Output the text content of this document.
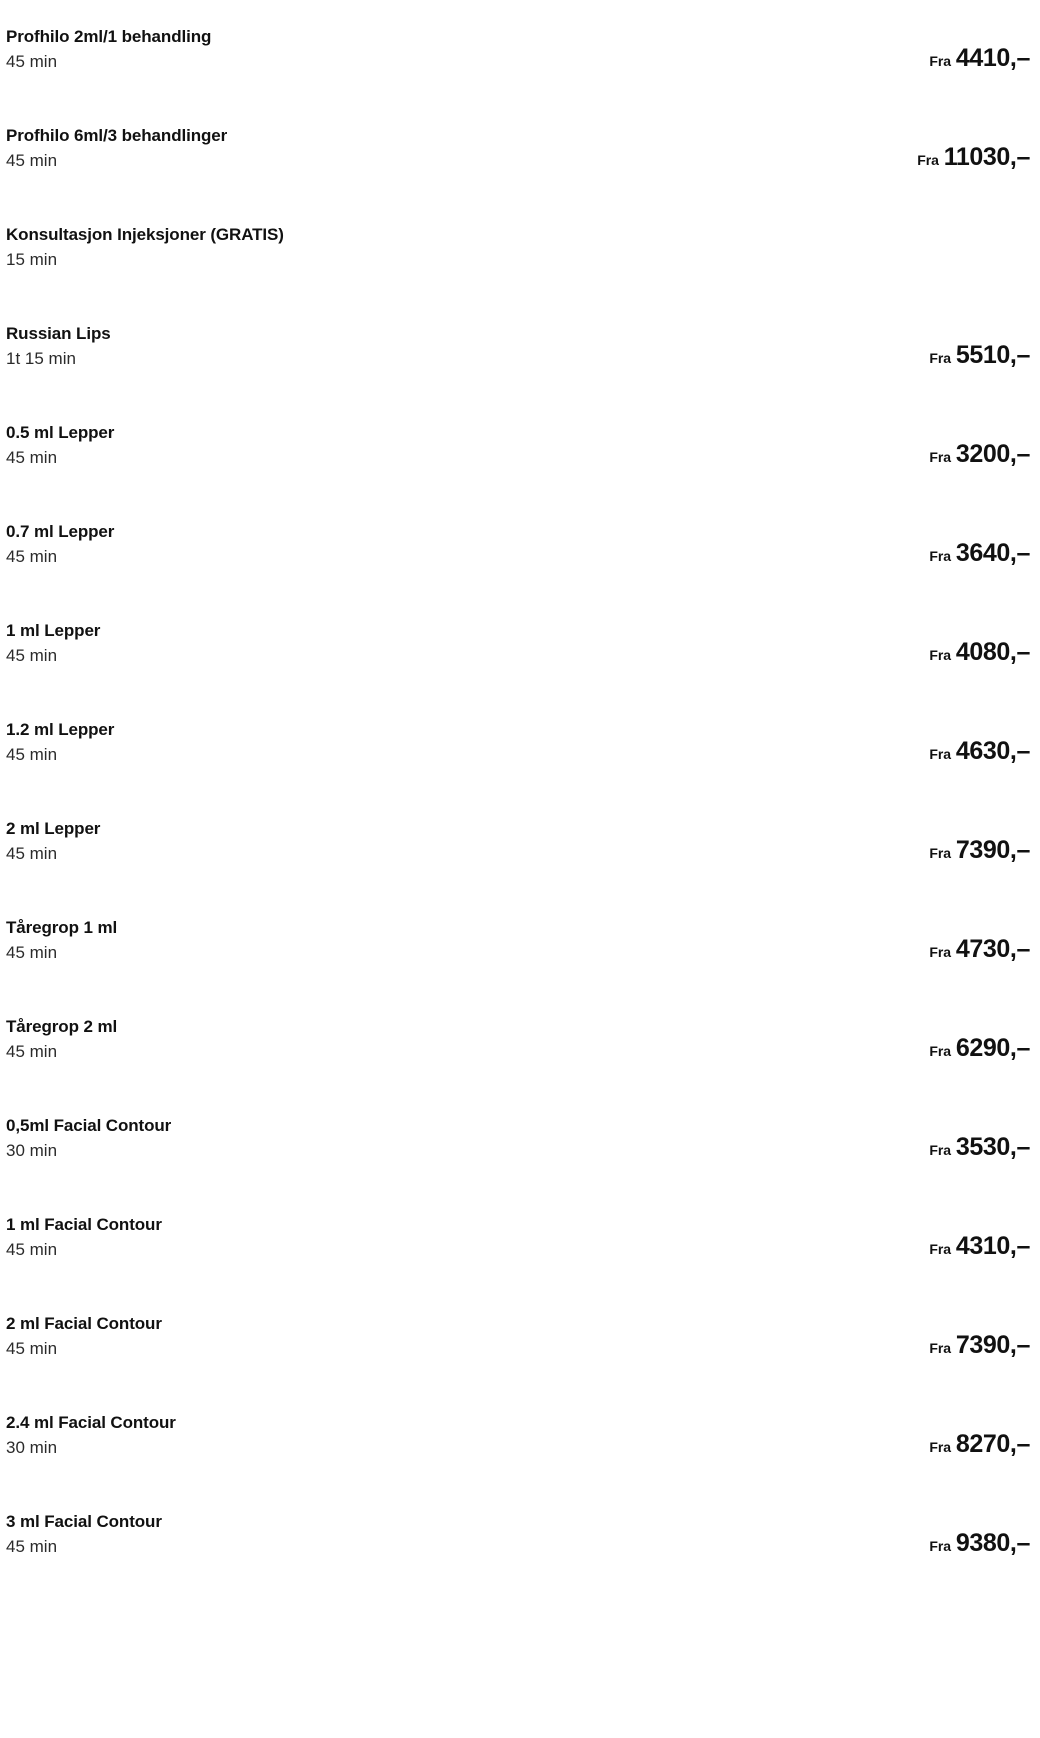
Profhilo 2ml/1 behandling
45 min	Fra 4410,–
Profhilo 6ml/3 behandlinger
45 min	Fra 11030,–
Konsultasjon Injeksjoner (GRATIS)
15 min
Russian Lips
1t 15 min	Fra 5510,–
0.5 ml Lepper
45 min	Fra 3200,–
0.7 ml Lepper
45 min	Fra 3640,–
1 ml Lepper
45 min	Fra 4080,–
1.2 ml Lepper
45 min	Fra 4630,–
2 ml Lepper
45 min	Fra 7390,–
Tåregrop 1 ml
45 min	Fra 4730,–
Tåregrop 2 ml
45 min	Fra 6290,–
0,5ml Facial Contour
30 min	Fra 3530,–
1 ml Facial Contour
45 min	Fra 4310,–
2 ml Facial Contour
45 min	Fra 7390,–
2.4 ml Facial Contour
30 min	Fra 8270,–
3 ml Facial Contour
45 min	Fra 9380,–
